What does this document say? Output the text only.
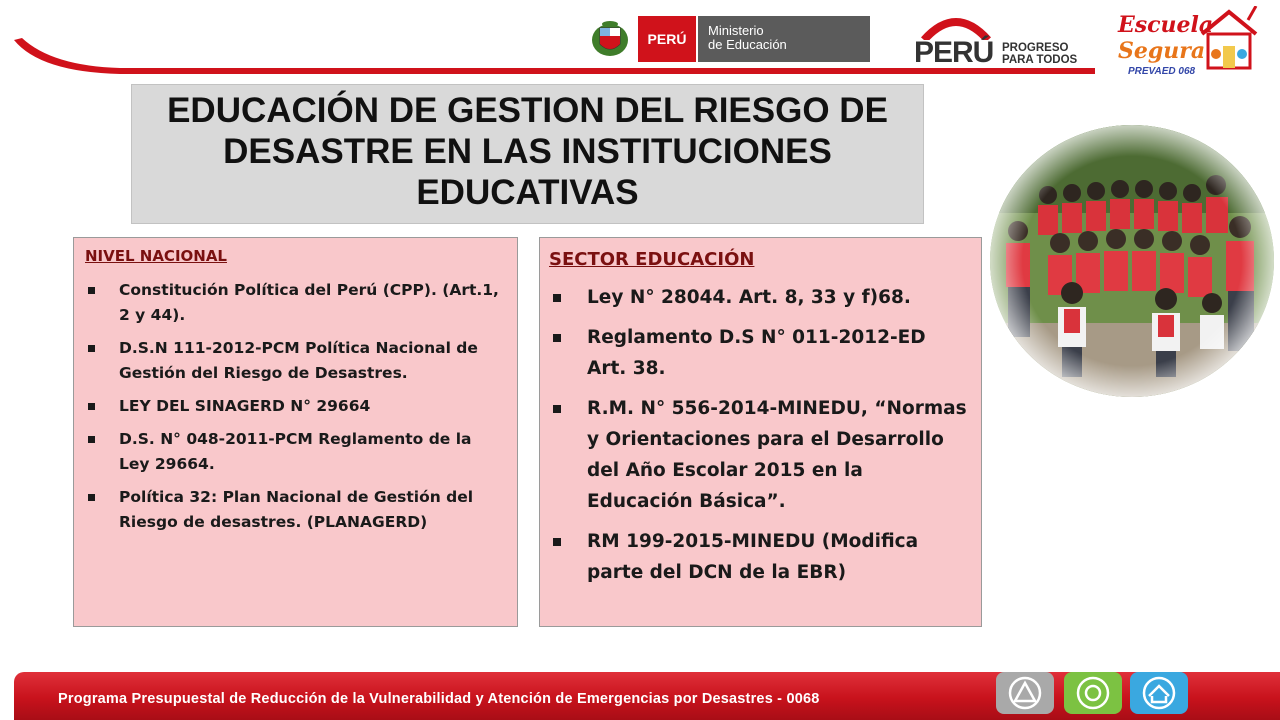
PERÚ
Ministerio
de Educación	PERÚ PROGRESO
PARA TODOS
Escuela
Segura
PREVAED 068
EDUCACIÓN DE GESTION DEL RIESGO DE DESASTRE EN LAS INSTITUCIONES EDUCATIVAS
NIVEL NACIONAL
Constitución Política del Perú (CPP). (Art.1, 2 y 44).
D.S.N 111-2012-PCM Política Nacional de Gestión del Riesgo de Desastres.
LEY DEL SINAGERD N° 29664
D.S. N° 048-2011-PCM Reglamento de la Ley 29664.
Política 32: Plan Nacional de Gestión del Riesgo de desastres. (PLANAGERD)
SECTOR EDUCACIÓN
Ley N° 28044. Art. 8, 33 y f)68.
Reglamento D.S N° 011-2012-ED Art. 38.
R.M. N° 556-2014-MINEDU, “Normas y Orientaciones para el Desarrollo del Año Escolar 2015 en la Educación Básica”.
RM 199-2015-MINEDU (Modifica parte del DCN de la EBR)
Programa Presupuestal de Reducción de la Vulnerabilidad y Atención de Emergencias por Desastres - 0068
